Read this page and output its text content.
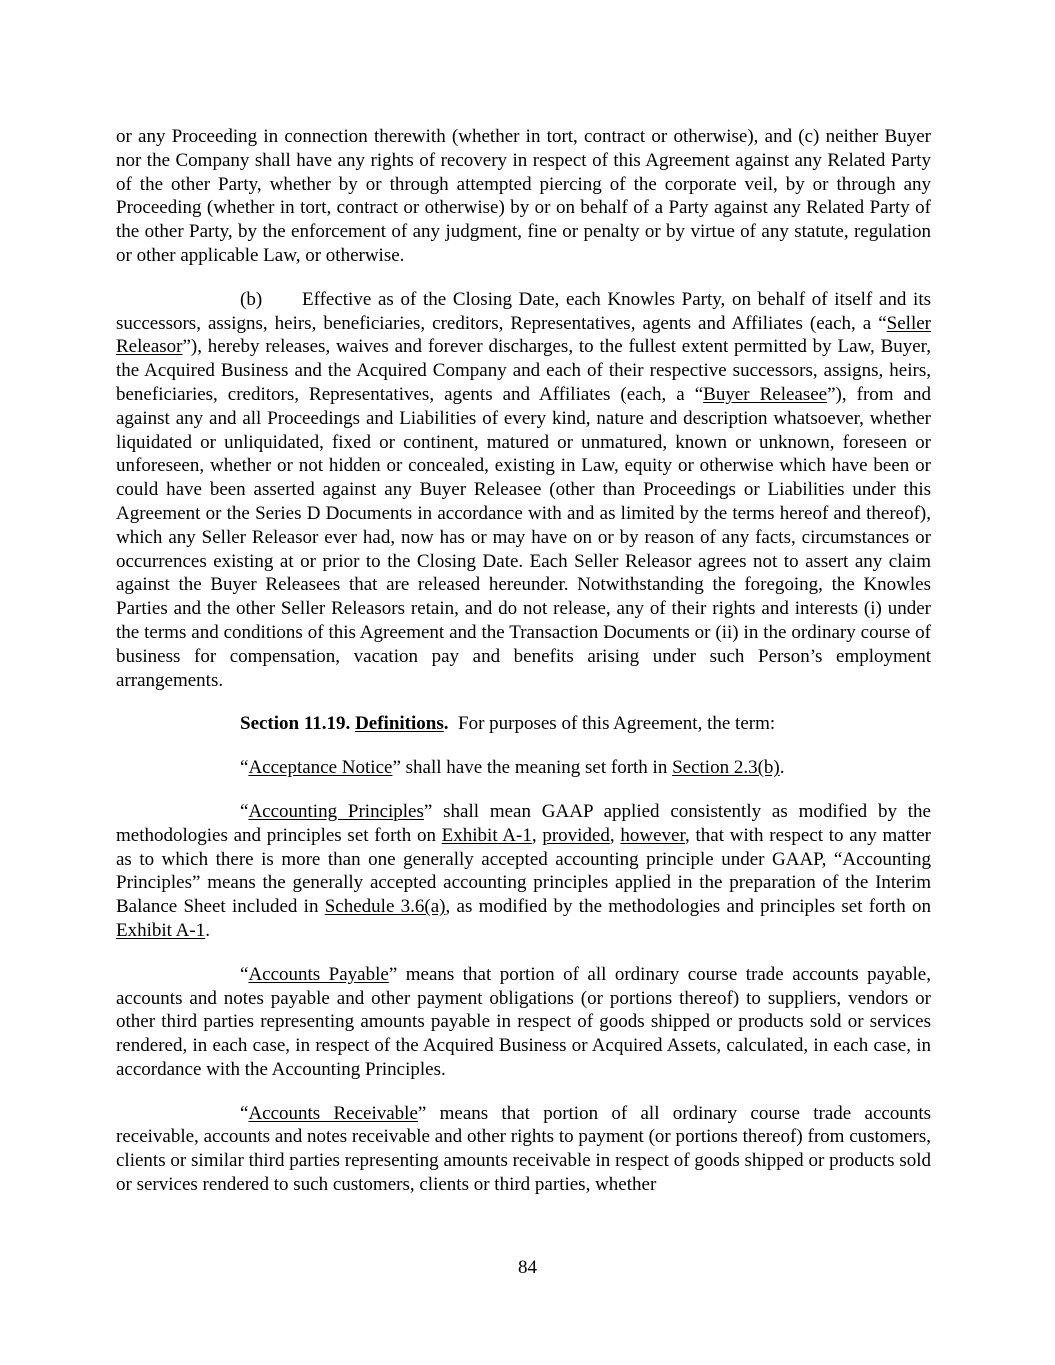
or any Proceeding in connection therewith (whether in tort, contract or otherwise), and (c) neither Buyer nor the Company shall have any rights of recovery in respect of this Agreement against any Related Party of the other Party, whether by or through attempted piercing of the corporate veil, by or through any Proceeding (whether in tort, contract or otherwise) by or on behalf of a Party against any Related Party of the other Party, by the enforcement of any judgment, fine or penalty or by virtue of any statute, regulation or other applicable Law, or otherwise.

(b) Effective as of the Closing Date, each Knowles Party, on behalf of itself and its successors, assigns, heirs, beneficiaries, creditors, Representatives, agents and Affiliates (each, a “Seller Releasor”), hereby releases, waives and forever discharges, to the fullest extent permitted by Law, Buyer, the Acquired Business and the Acquired Company and each of their respective successors, assigns, heirs, beneficiaries, creditors, Representatives, agents and Affiliates (each, a “Buyer Releasee”), from and against any and all Proceedings and Liabilities of every kind, nature and description whatsoever, whether liquidated or unliquidated, fixed or continent, matured or unmatured, known or unknown, foreseen or unforeseen, whether or not hidden or concealed, existing in Law, equity or otherwise which have been or could have been asserted against any Buyer Releasee (other than Proceedings or Liabilities under this Agreement or the Series D Documents in accordance with and as limited by the terms hereof and thereof), which any Seller Releasor ever had, now has or may have on or by reason of any facts, circumstances or occurrences existing at or prior to the Closing Date. Each Seller Releasor agrees not to assert any claim against the Buyer Releasees that are released hereunder. Notwithstanding the foregoing, the Knowles Parties and the other Seller Releasors retain, and do not release, any of their rights and interests (i) under the terms and conditions of this Agreement and the Transaction Documents or (ii) in the ordinary course of business for compensation, vacation pay and benefits arising under such Person’s employment arrangements.

Section 11.19. Definitions.  For purposes of this Agreement, the term:

“Acceptance Notice” shall have the meaning set forth in Section 2.3(b).

“Accounting Principles” shall mean GAAP applied consistently as modified by the methodologies and principles set forth on Exhibit A-1, provided, however, that with respect to any matter as to which there is more than one generally accepted accounting principle under GAAP, “Accounting Principles” means the generally accepted accounting principles applied in the preparation of the Interim Balance Sheet included in Schedule 3.6(a), as modified by the methodologies and principles set forth on Exhibit A-1.

“Accounts Payable” means that portion of all ordinary course trade accounts payable, accounts and notes payable and other payment obligations (or portions thereof) to suppliers, vendors or other third parties representing amounts payable in respect of goods shipped or products sold or services rendered, in each case, in respect of the Acquired Business or Acquired Assets, calculated, in each case, in accordance with the Accounting Principles.

“Accounts Receivable” means that portion of all ordinary course trade accounts receivable, accounts and notes receivable and other rights to payment (or portions thereof) from customers, clients or similar third parties representing amounts receivable in respect of goods shipped or products sold or services rendered to such customers, clients or third parties, whether

84
